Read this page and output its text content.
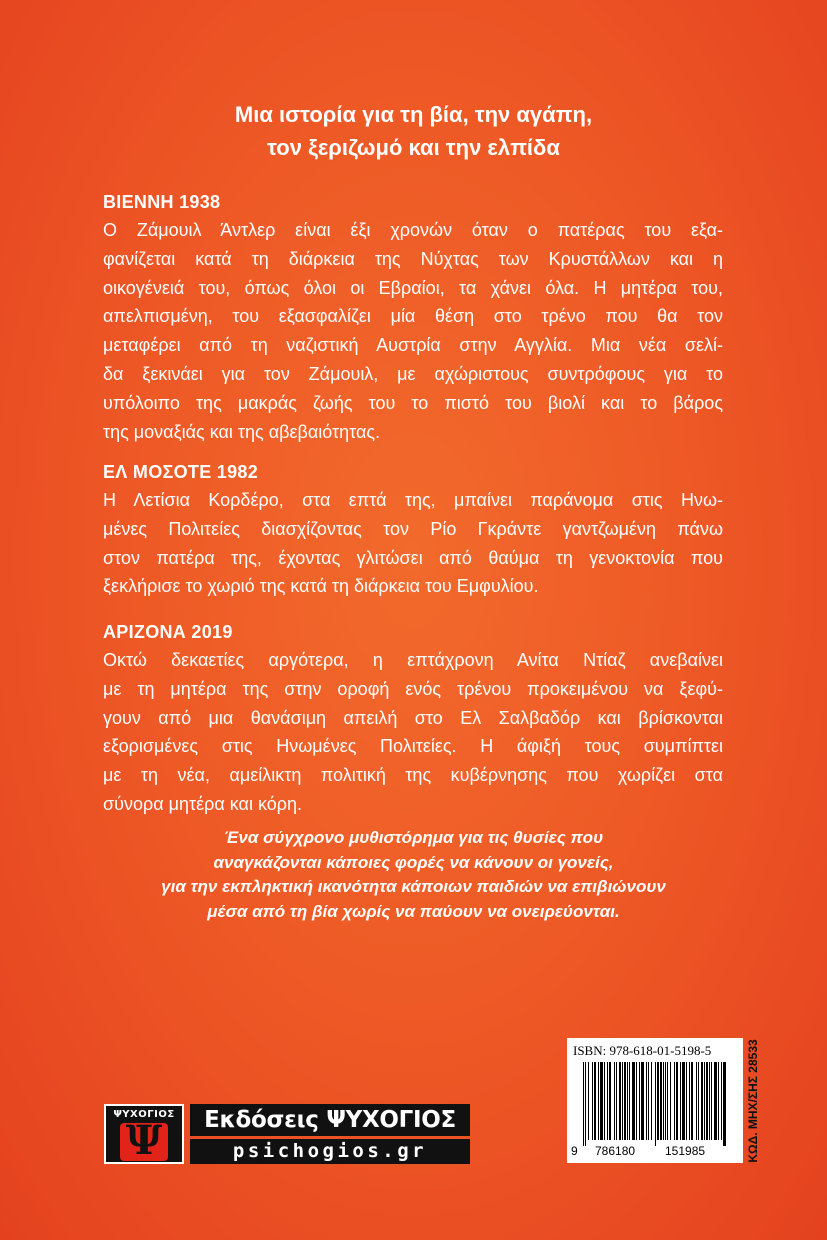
Μια ιστορία για τη βία, την αγάπη,
τον ξεριζωμό και την ελπίδα
ΒΙΕΝΝΗ 1938
Ο Ζάμουιλ Άντλερ είναι έξι χρονών όταν ο πατέρας του εξα-
φανίζεται κατά τη διάρκεια της Νύχτας των Κρυστάλλων και η
οικογένειά του, όπως όλοι οι Εβραίοι, τα χάνει όλα. Η μητέρα του,
απελπισμένη, του εξασφαλίζει μία θέση στο τρένο που θα τον
μεταφέρει από τη ναζιστική Αυστρία στην Αγγλία. Μια νέα σελί-
δα ξεκινάει για τον Ζάμουιλ, με αχώριστους συντρόφους για το
υπόλοιπο της μακράς ζωής του το πιστό του βιολί και το βάρος
της μοναξιάς και της αβεβαιότητας.
ΕΛ ΜΟΣΟΤΕ 1982
Η Λετίσια Κορδέρο, στα επτά της, μπαίνει παράνομα στις Ηνω-
μένες Πολιτείες διασχίζοντας τον Ρίο Γκράντε γαντζωμένη πάνω
στον πατέρα της, έχοντας γλιτώσει από θαύμα τη γενοκτονία που
ξεκλήρισε το χωριό της κατά τη διάρκεια του Εμφυλίου.
ΑΡΙΖΟΝΑ 2019
Οκτώ δεκαετίες αργότερα, η επτάχρονη Ανίτα Ντίαζ ανεβαίνει
με τη μητέρα της στην οροφή ενός τρένου προκειμένου να ξεφύ-
γουν από μια θανάσιμη απειλή στο Ελ Σαλβαδόρ και βρίσκονται
εξορισμένες στις Ηνωμένες Πολιτείες. Η άφιξή τους συμπίπτει
με τη νέα, αμείλικτη πολιτική της κυβέρνησης που χωρίζει στα
σύνορα μητέρα και κόρη.
Ένα σύγχρονο μυθιστόρημα για τις θυσίες που
αναγκάζονται κάποιες φορές να κάνουν οι γονείς,
για την εκπληκτική ικανότητα κάποιων παιδιών να επιβιώνουν
μέσα από τη βία χωρίς να παύουν να ονειρεύονται.
ΨΥΧΟΓΙΟΣ
Ψ	Εκδόσεις ΨΥΧΟΓΙΟΣ
psichogios.gr
ISBN: 978-618-01-5198-5
9 786180 151985	ΚΩΔ. ΜΗΧ/ΣΗΣ 28533
